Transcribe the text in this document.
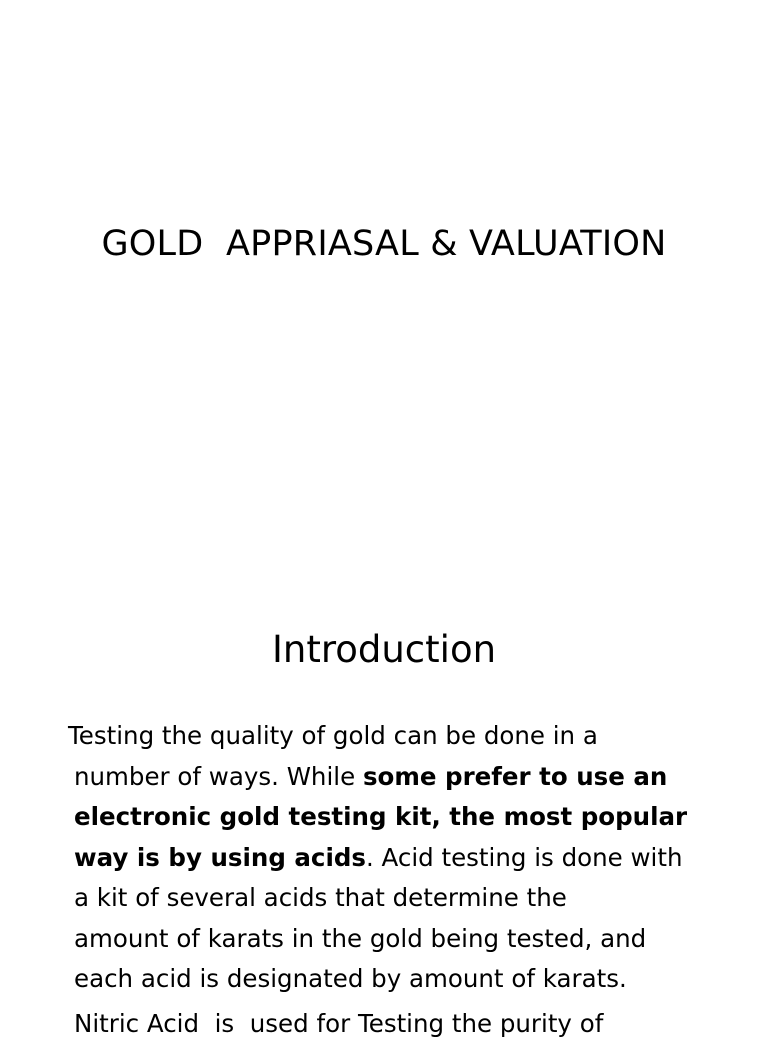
GOLD  APPRIASAL & VALUATION
Introduction
Testing the quality of gold can be done in a
number of ways. While some prefer to use an
electronic gold testing kit, the most popular
way is by using acids. Acid testing is done with
a kit of several acids that determine the
amount of karats in the gold being tested, and
each acid is designated by amount of karats.
Nitric Acid  is  used for Testing the purity of
